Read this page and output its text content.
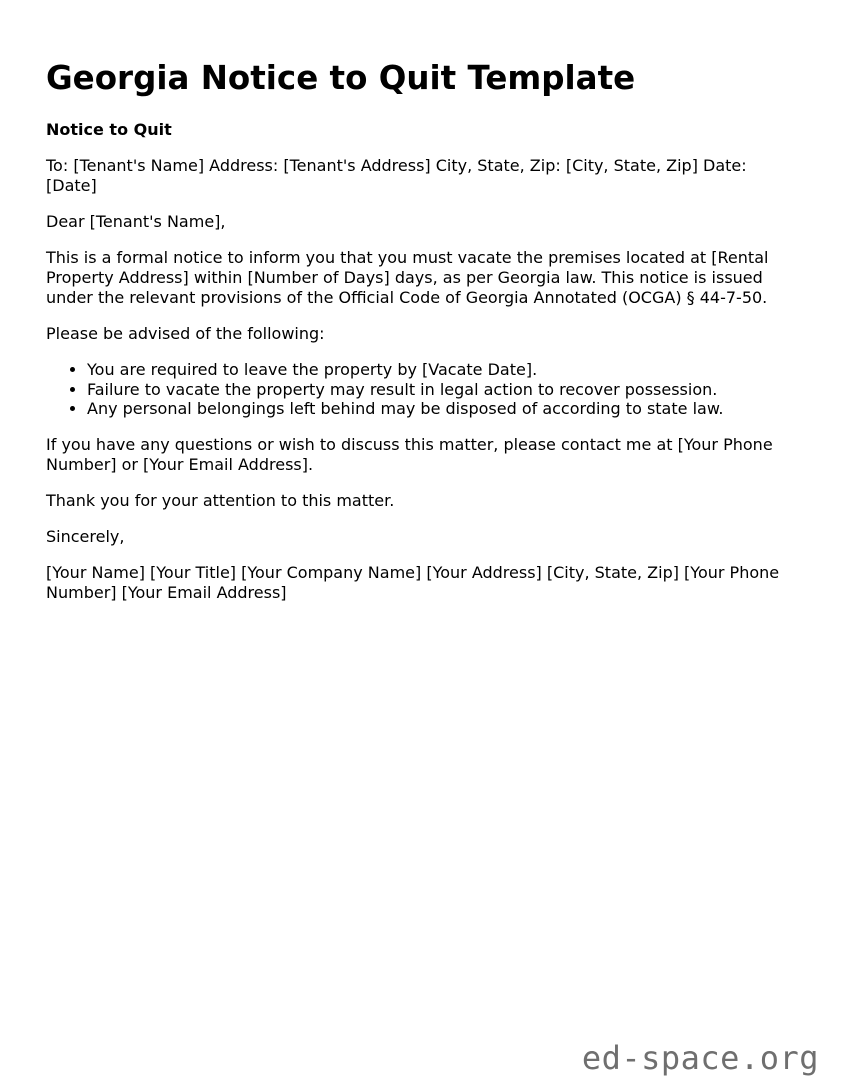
Georgia Notice to Quit Template
Notice to Quit

To: [Tenant's Name] Address: [Tenant's Address] City, State, Zip: [City, State, Zip] Date: [Date]

Dear [Tenant's Name],

This is a formal notice to inform you that you must vacate the premises located at [Rental Property Address] within [Number of Days] days, as per Georgia law. This notice is issued under the relevant provisions of the Official Code of Georgia Annotated (OCGA) § 44-7-50.

Please be advised of the following:

• You are required to leave the property by [Vacate Date].
• Failure to vacate the property may result in legal action to recover possession.
• Any personal belongings left behind may be disposed of according to state law.

If you have any questions or wish to discuss this matter, please contact me at [Your Phone Number] or [Your Email Address].

Thank you for your attention to this matter.

Sincerely,

[Your Name] [Your Title] [Your Company Name] [Your Address] [City, State, Zip] [Your Phone Number] [Your Email Address]

ed-space.org
